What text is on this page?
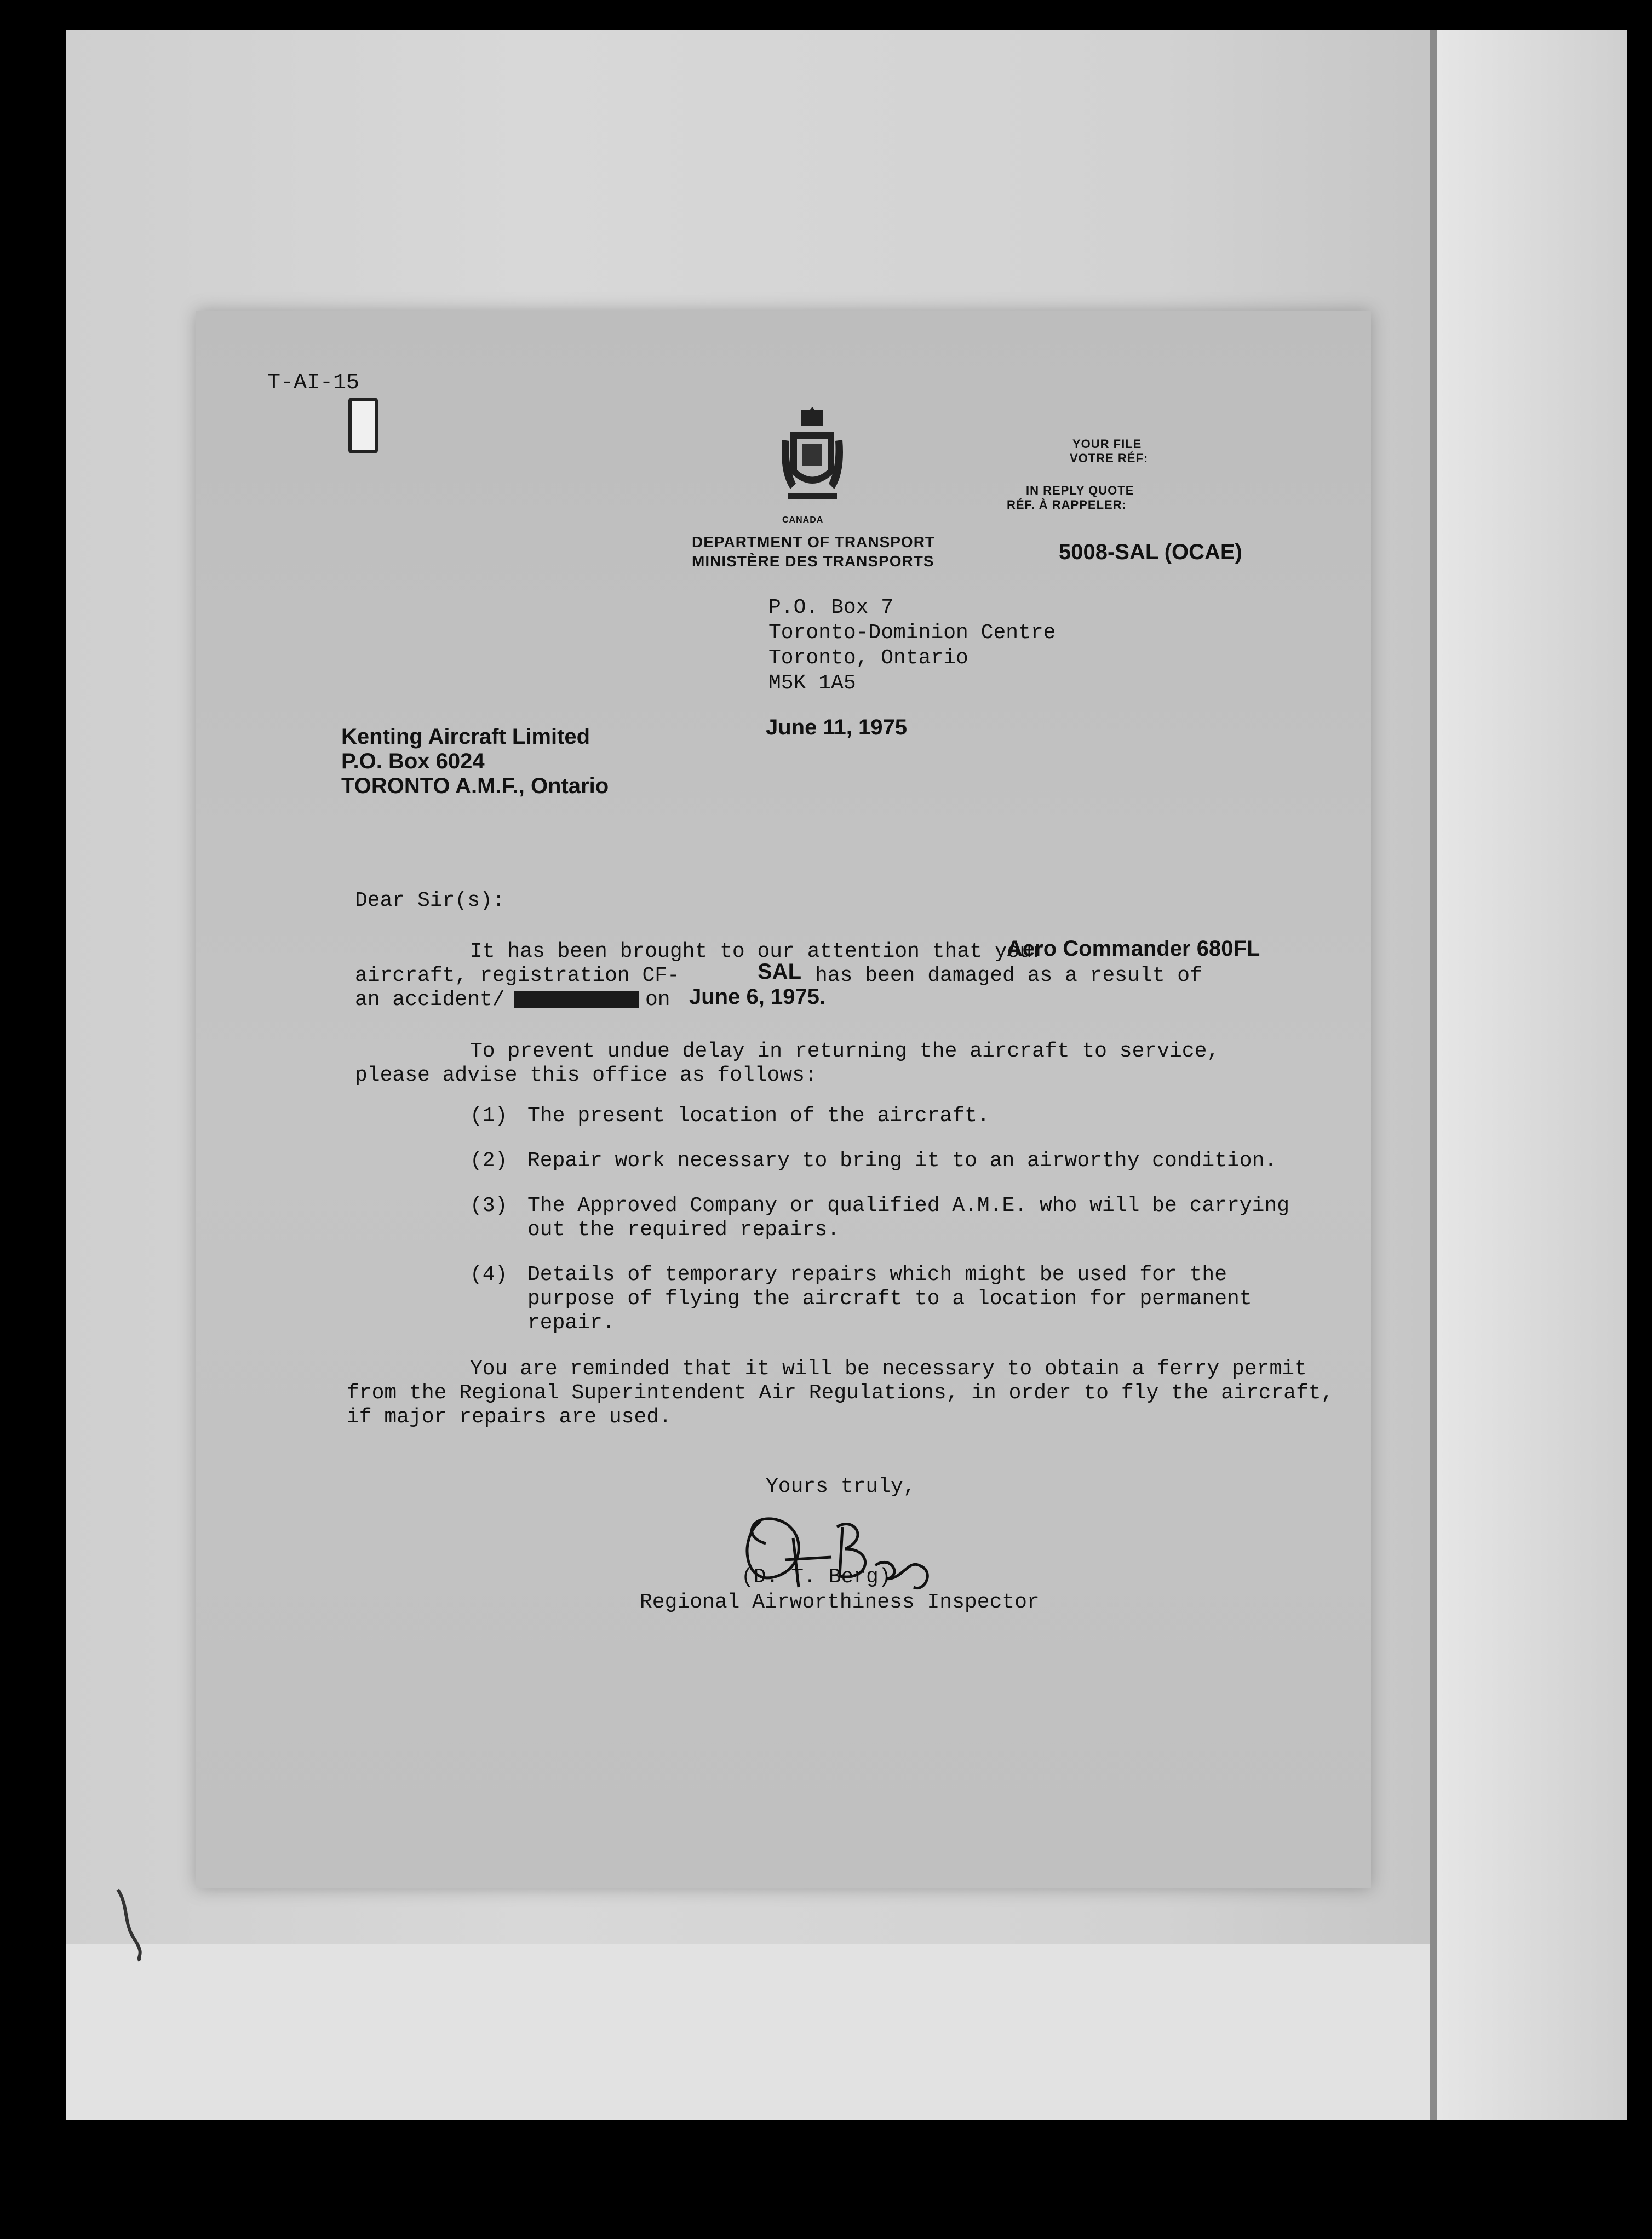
T-AI-15
CANADA
DEPARTMENT OF TRANSPORT
MINISTÈRE DES TRANSPORTS
YOUR FILE
VOTRE RÉF:
IN REPLY QUOTE
RÉF. À RAPPELER:
5008-SAL (OCAE)
P.O. Box 7
Toronto-Dominion Centre
Toronto, Ontario
M5K 1A5
June 11, 1975
Kenting Aircraft Limited
P.O. Box 6024
TORONTO A.M.F., Ontario
Dear Sir(s):
It has been brought to our attention that your
Aero Commander 680FL
aircraft, registration CF-	SAL has been damaged as a result of
an accident/	on June 6, 1975.
To prevent undue delay in returning the aircraft to service,
please advise this office as follows:
(1) The present location of the aircraft.
(2) Repair work necessary to bring it to an airworthy condition.
(3) The Approved Company or qualified A.M.E. who will be carrying
out the required repairs.
(4) Details of temporary repairs which might be used for the
purpose of flying the aircraft to a location for permanent
repair.
You are reminded that it will be necessary to obtain a ferry permit
from the Regional Superintendent Air Regulations, in order to fly the aircraft,
if major repairs are used.
Yours truly,
(D. T. Berg)
Regional Airworthiness Inspector
